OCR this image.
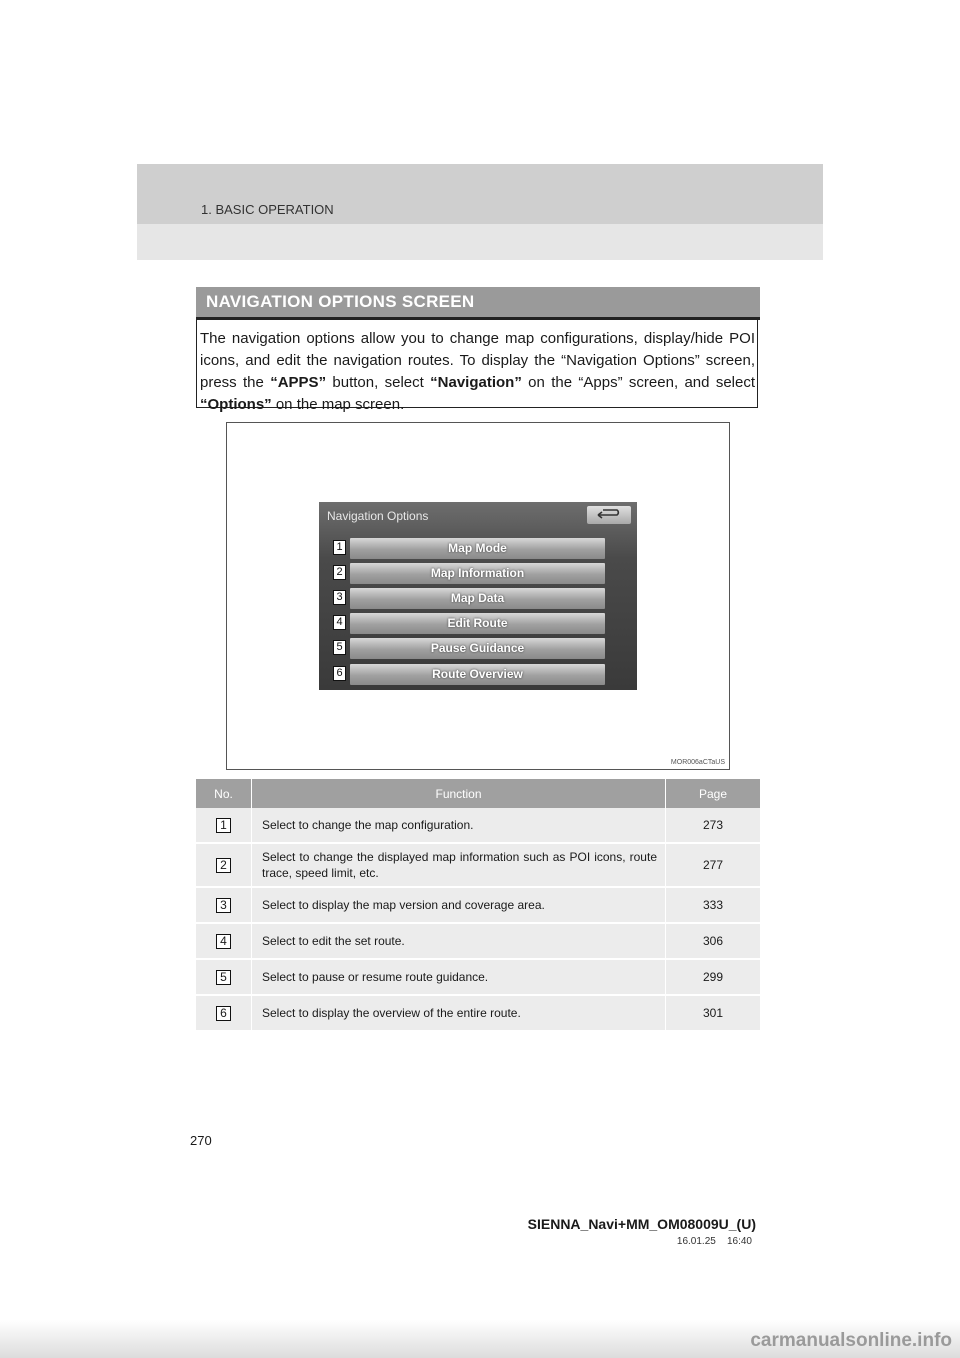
1. BASIC OPERATION
NAVIGATION OPTIONS SCREEN
The navigation options allow you to change map configurations, display/hide POI icons, and edit the navigation routes. To display the “Navigation Options” screen, press the “APPS” button, select “Navigation” on the “Apps” screen, and select “Options” on the map screen.
Navigation Options
1	Map Mode
2	Map Information
3	Map Data
4	Edit Route
5	Pause Guidance
6	Route Overview
MOR006aCTaUS
No.	Function	Page
1	Select to change the map configuration.	273
2	Select to change the displayed map information such as POI icons, route trace, speed limit, etc.	277
3	Select to display the map version and coverage area.	333
4	Select to edit the set route.	306
5	Select to pause or resume route guidance.	299
6	Select to display the overview of the entire route.	301
270
SIENNA_Navi+MM_OM08009U_(U)
16.01.25 16:40
carmanualsonline.info
